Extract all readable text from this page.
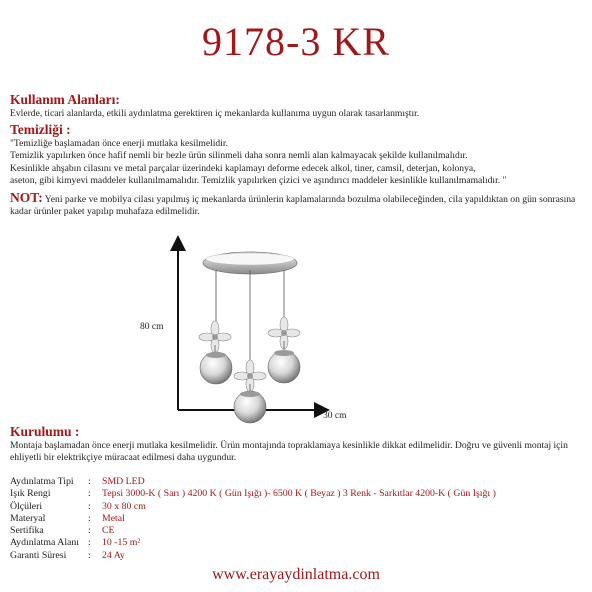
9178-3 KR
Kullanım Alanları:
Evlerde, ticari alanlarda, etkili aydınlatma gerektiren iç mekanlarda kullanıma uygun olarak tasarlanmıştır.
Temizliği :
"Temizliğe başlamadan önce enerji mutlaka kesilmelidir.
Temizlik yapılırken önce hafif nemli bir bezle ürün silinmeli daha sonra nemli alan kalmayacak şekilde kullanılmalıdır.
Kesinlikle ahşabın cilasını ve metal parçalar üzerindeki kaplamayı deforme edecek alkol, tiner, camsil, deterjan, kolonya,
aseton, gibi kimyevi maddeler kullanılmamalıdır. Temizlik yapılırken çizici ve aşındırıcı maddeler kesinlikle kullanılmamalıdır. "
NOT: Yeni parke ve mobilya cilası yapılmış iç mekanlarda ürünlerin kaplamalarında bozulma olabileceğinden, cila yapıldıktan on gün sonrasına kadar ürünler paket yapılıp muhafaza edilmelidir.
80 cm
30 cm
Kurulumu :
Montaja başlamadan önce enerji mutlaka kesilmelidir. Ürün montajında topraklamaya kesinlikle dikkat edilmelidir. Doğru ve güvenli montaj için ehliyetli bir elektrikçiye müracaat edilmesi daha uygundur.
Aydınlatma Tipi	:	SMD LED
Işık Rengi	:	Tepsi 3000-K ( Sarı ) 4200 K ( Gün Işığı )- 6500 K ( Beyaz ) 3 Renk - Sarkıtlar 4200-K ( Gün Işığı )
Ölçüleri	:	30 x 80 cm
Materyal	:	Metal
Sertifika	:	CE
Aydınlatma Alanı :	10 -15 m²
Garanti Süresi	:	24 Ay
www.erayaydinlatma.com
